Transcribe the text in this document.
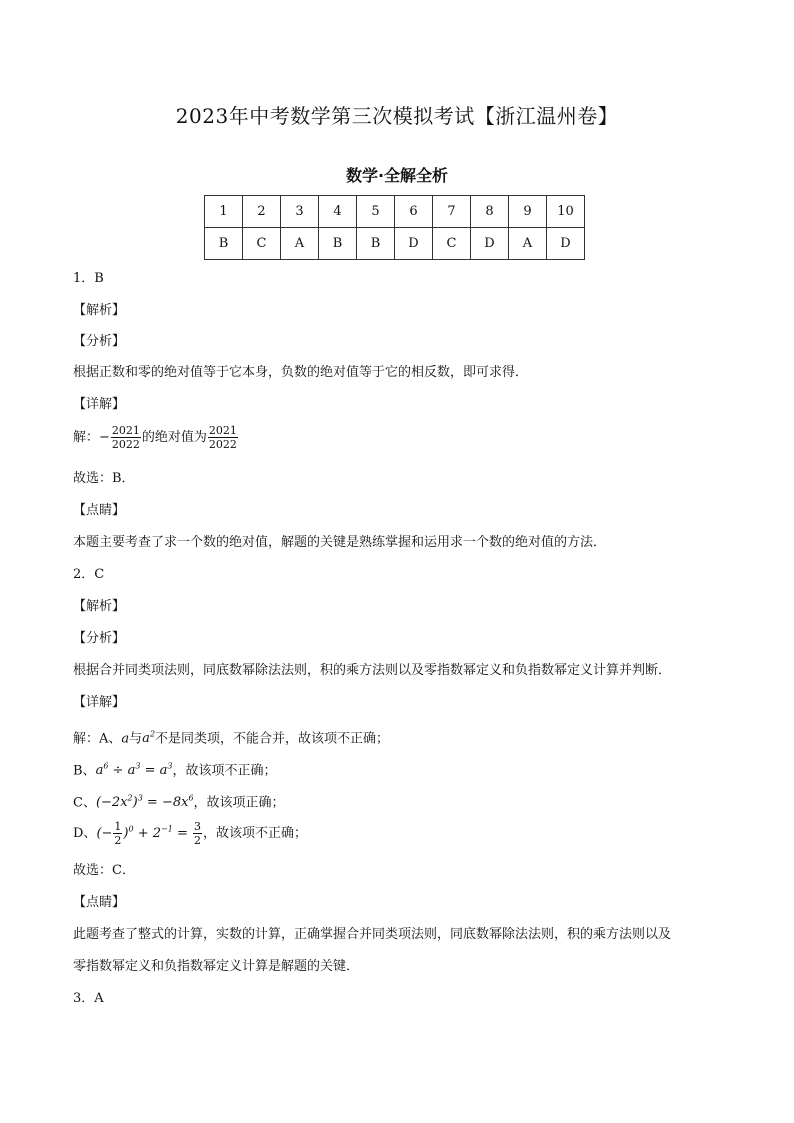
2023年中考数学第三次模拟考试【浙江温州卷】
数学·全解全析
1	2	3	4	5	6	7	8	9	10
B	C	A	B	B	D	C	D	A	D
1．B
【解析】
【分析】
根据正数和零的绝对值等于它本身，负数的绝对值等于它的相反数，即可求得．
【详解】
解：− $\frac{2021}{2022}$ 的绝对值为 $\frac{2021}{2022}$
故选：B．
【点睛】
本题主要考查了求一个数的绝对值，解题的关键是熟练掌握和运用求一个数的绝对值的方法．
2．C
【解析】
【分析】
根据合并同类项法则，同底数幂除法法则，积的乘方法则以及零指数幂定义和负指数幂定义计算并判断．
【详解】
解：A、a与$a^2$不是同类项，不能合并，故该项不正确；
B、$a^6 \div a^3 = a^3$，故该项不正确；
C、$(-2x^2)^3 = -8x^6$，故该项正确；
D、(− $\frac{1}{2} )^0 + 2^{-1} = \frac{3}{2}$ ，故该项不正确；
故选：C．
【点睛】
此题考查了整式的计算，实数的计算，正确掌握合并同类项法则，同底数幂除法法则，积的乘方法则以及
零指数幂定义和负指数幂定义计算是解题的关键．
3．A
